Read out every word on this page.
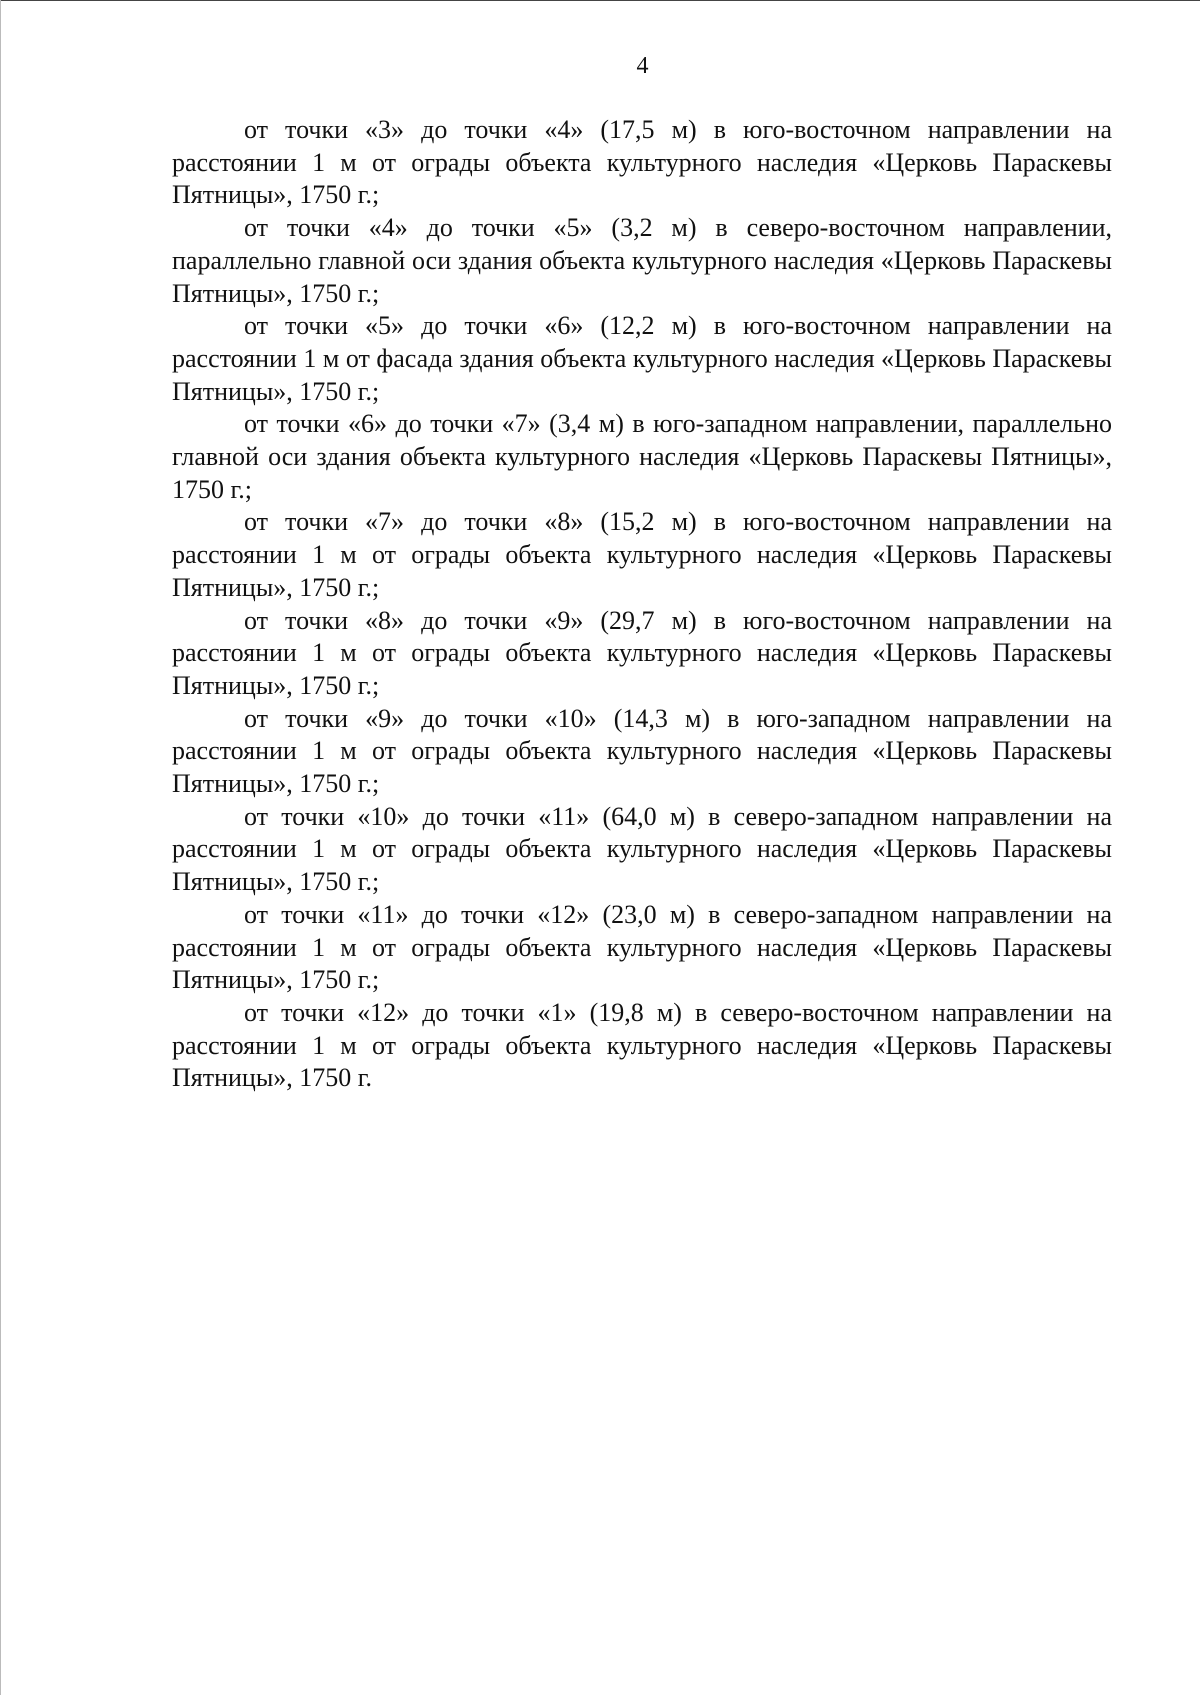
4

от точки «3» до точки «4» (17,5 м) в юго-восточном направлении на расстоянии 1 м от ограды объекта культурного наследия «Церковь Параскевы Пятницы», 1750 г.;

от точки «4» до точки «5» (3,2 м) в северо-восточном направлении, параллельно главной оси здания объекта культурного наследия «Церковь Параскевы Пятницы», 1750 г.;

от точки «5» до точки «6» (12,2 м) в юго-восточном направлении на расстоянии 1 м от фасада здания объекта культурного наследия «Церковь Параскевы Пятницы», 1750 г.;

от точки «6» до точки «7» (3,4 м) в юго-западном направлении, параллельно главной оси здания объекта культурного наследия «Церковь Параскевы Пятницы», 1750 г.;

от точки «7» до точки «8» (15,2 м) в юго-восточном направлении на расстоянии 1 м от ограды объекта культурного наследия «Церковь Параскевы Пятницы», 1750 г.;

от точки «8» до точки «9» (29,7 м) в юго-восточном направлении на расстоянии 1 м от ограды объекта культурного наследия «Церковь Параскевы Пятницы», 1750 г.;

от точки «9» до точки «10» (14,3 м) в юго-западном направлении на расстоянии 1 м от ограды объекта культурного наследия «Церковь Параскевы Пятницы», 1750 г.;

от точки «10» до точки «11» (64,0 м) в северо-западном направлении на расстоянии 1 м от ограды объекта культурного наследия «Церковь Параскевы Пятницы», 1750 г.;

от точки «11» до точки «12» (23,0 м) в северо-западном направлении на расстоянии 1 м от ограды объекта культурного наследия «Церковь Параскевы Пятницы», 1750 г.;

от точки «12» до точки «1» (19,8 м) в северо-восточном направлении на расстоянии 1 м от ограды объекта культурного наследия «Церковь Параскевы Пятницы», 1750 г.
